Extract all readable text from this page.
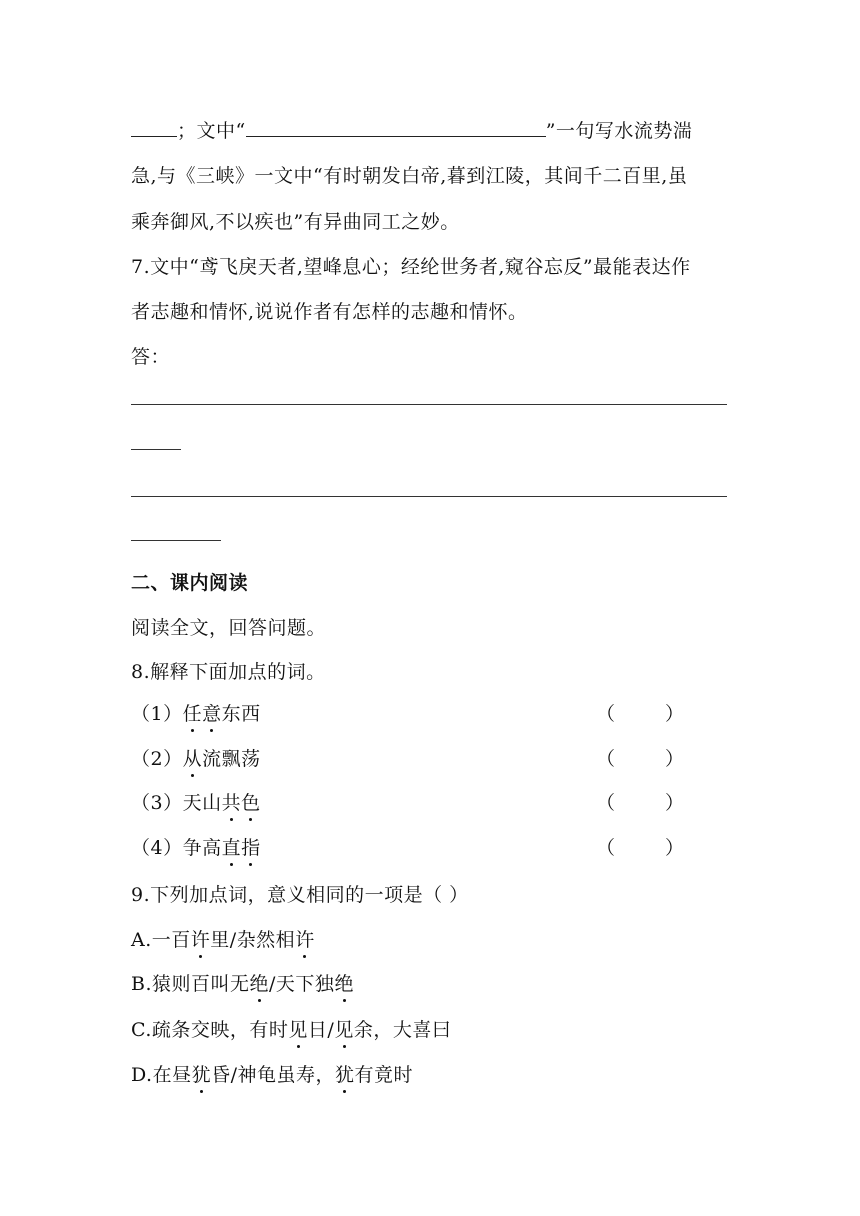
；文中“	”一句写水流势湍
急,与《三峡》一文中“有时朝发白帝,暮到江陵，其间千二百里,虽
乘奔御风,不以疾也”有异曲同工之妙。
7.文中“鸢飞戾天者,望峰息心；经纶世务者,窥谷忘反”最能表达作
者志趣和情怀,说说作者有怎样的志趣和情怀。
答：
二、课内阅读
阅读全文，回答问题。
8.解释下面加点的词。
（1）任意东西	（	）
（2）从流飘荡	（	）
（3）天山共色	（	）
（4）争高直指	（	）
9.下列加点词，意义相同的一项是（ ）
A.一百许里/杂然相许
B.猿则百叫无绝/天下独绝
C.疏条交映，有时见日/见余，大喜曰
D.在昼犹昏/神龟虽寿，犹有竟时
